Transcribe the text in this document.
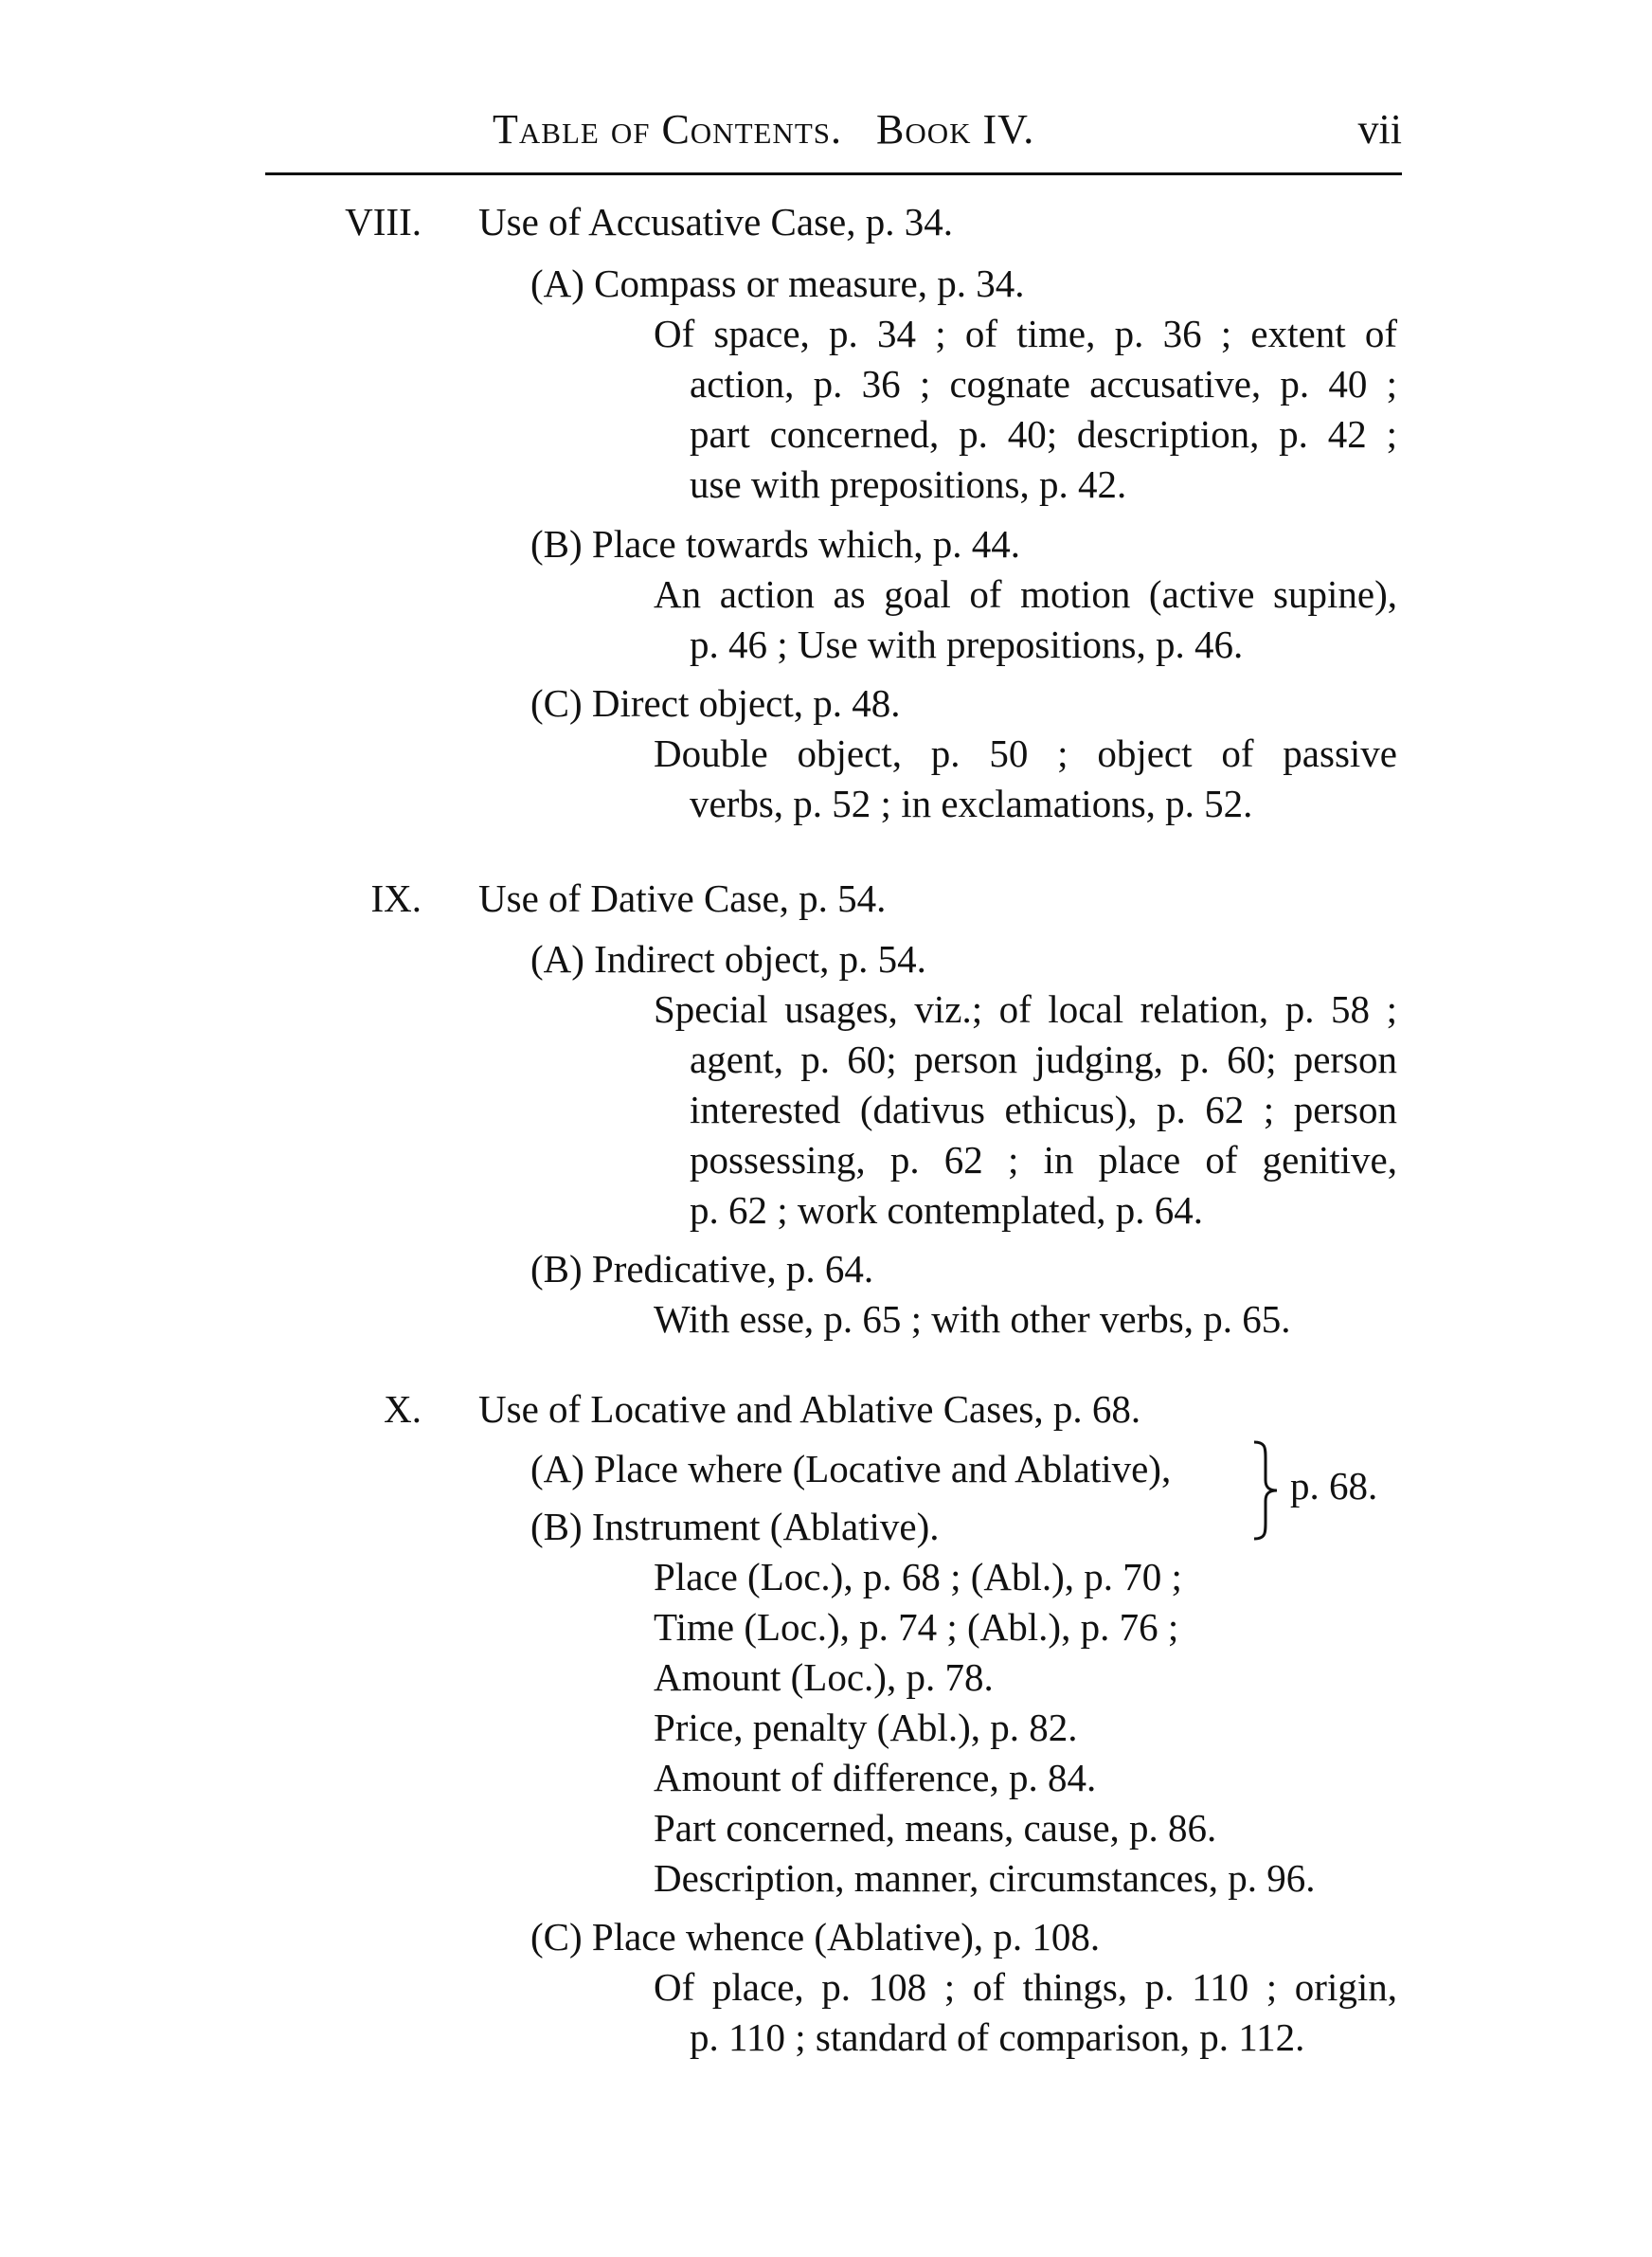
Table of Contents. Book IV.	vii
VIII. Use of Accusative Case, p. 34.
(A) Compass or measure, p. 34.
Of space, p. 34 ; of time, p. 36 ; extent of
action, p. 36 ; cognate accusative, p. 40 ;
part concerned, p. 40; description, p. 42 ;
use with prepositions, p. 42.
(B) Place towards which, p. 44.
An action as goal of motion (active supine),
p. 46 ; Use with prepositions, p. 46.
(C) Direct object, p. 48.
Double object, p. 50 ; object of passive
verbs, p. 52 ; in exclamations, p. 52.
IX. Use of Dative Case, p. 54.
(A) Indirect object, p. 54.
Special usages, viz.; of local relation, p. 58 ;
agent, p. 60; person judging, p. 60; person
interested (dativus ethicus), p. 62 ; person
possessing, p. 62 ; in place of genitive,
p. 62 ; work contemplated, p. 64.
(B) Predicative, p. 64.
With esse, p. 65 ; with other verbs, p. 65.
X. Use of Locative and Ablative Cases, p. 68.
(A) Place where (Locative and Ablative),
(B) Instrument (Ablative).
Place (Loc.), p. 68 ; (Abl.), p. 70 ;
Time (Loc.), p. 74 ; (Abl.), p. 76 ;
Amount (Loc.), p. 78.
Price, penalty (Abl.), p. 82.
Amount of difference, p. 84.
Part concerned, means, cause, p. 86.
Description, manner, circumstances, p. 96.
(C) Place whence (Ablative), p. 108.
Of place, p. 108 ; of things, p. 110 ; origin,
p. 110 ; standard of comparison, p. 112.
p. 68.
